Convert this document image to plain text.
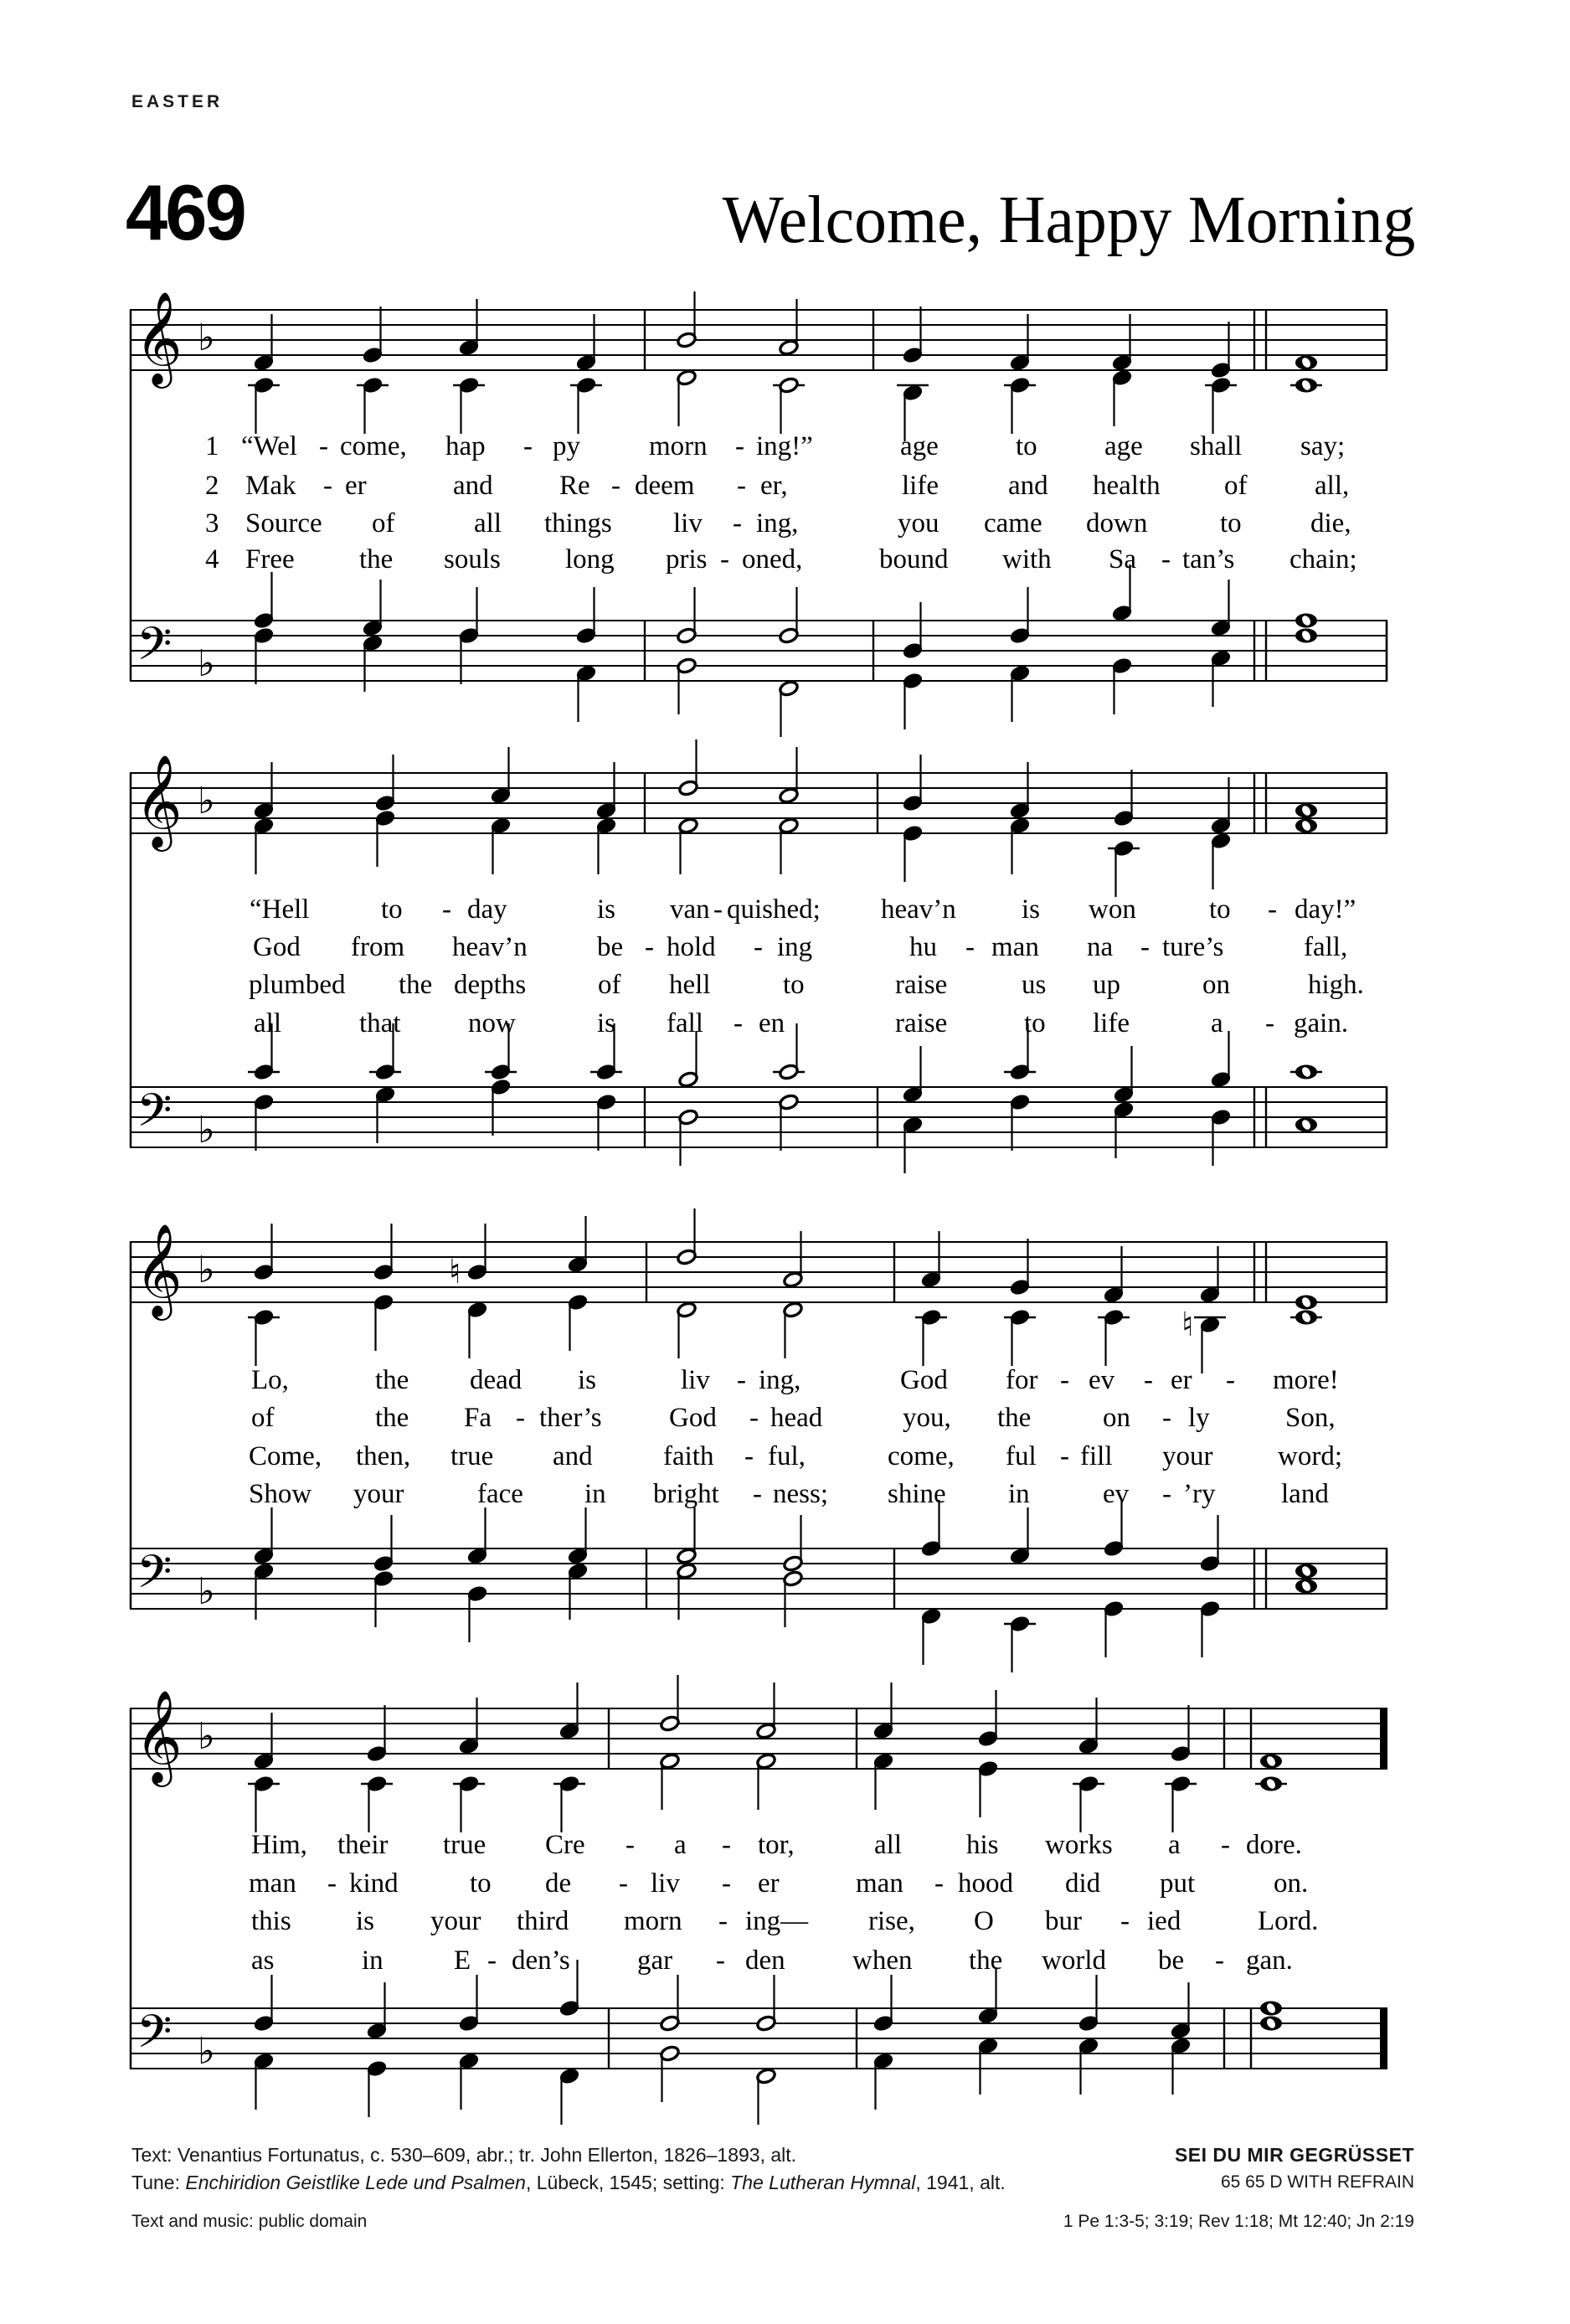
EASTER
469	Welcome, Happy Morning
𝄞
𝄢
♭
♭
𝄞
𝄢
♭
♭
𝄞
𝄢
♭
♭
♮
♮
𝄞
𝄢
♭
♭
1 “Wel - come, hap - py morn - ing!”	age	to age shall say;
2 Mak - er	and Re - deem - er,	life	and health of all,
3 Source of	all things liv - ing,	you came down	to die,
4 Free the souls long pris - oned,	bound with Sa - tan’s chain;
“Hell	to - day	is van - quished; heav’n is won	to - day!”
God from heav’n	be - hold - ing	hu - man na - ture’s	fall,
plumbed the depths	of hell	to	raise	us up	on	high.
all	that now	is fall - en	raise	to life	a - gain.
Lo,	the dead is	liv - ing,	God for - ev - er - more!
of	the Fa - ther’s God - head	you, the	on - ly	Son,
Come, then, true and	faith - ful,	come, ful - fill your word;
Show your	face in bright - ness; shine in	ev - ’ry land
Him, their true Cre - a - tor,	all his works a - dore.
man - kind	to de - liv - er	man - hood did put	on.
this is your third morn - ing— rise, O bur - ied	Lord.
as	in	E - den’s gar - den when the world be - gan.
Text: Venantius Fortunatus, c. 530–609, abr.; tr. John Ellerton, 1826–1893, alt.
Tune: Enchiridion Geistlike Lede und Psalmen, Lübeck, 1545; setting: The Lutheran Hymnal, 1941, alt.
Text and music: public domain
SEI DU MIR GEGRÜSSET
65 65 D WITH REFRAIN
1 Pe 1:3-5; 3:19; Rev 1:18; Mt 12:40; Jn 2:19
